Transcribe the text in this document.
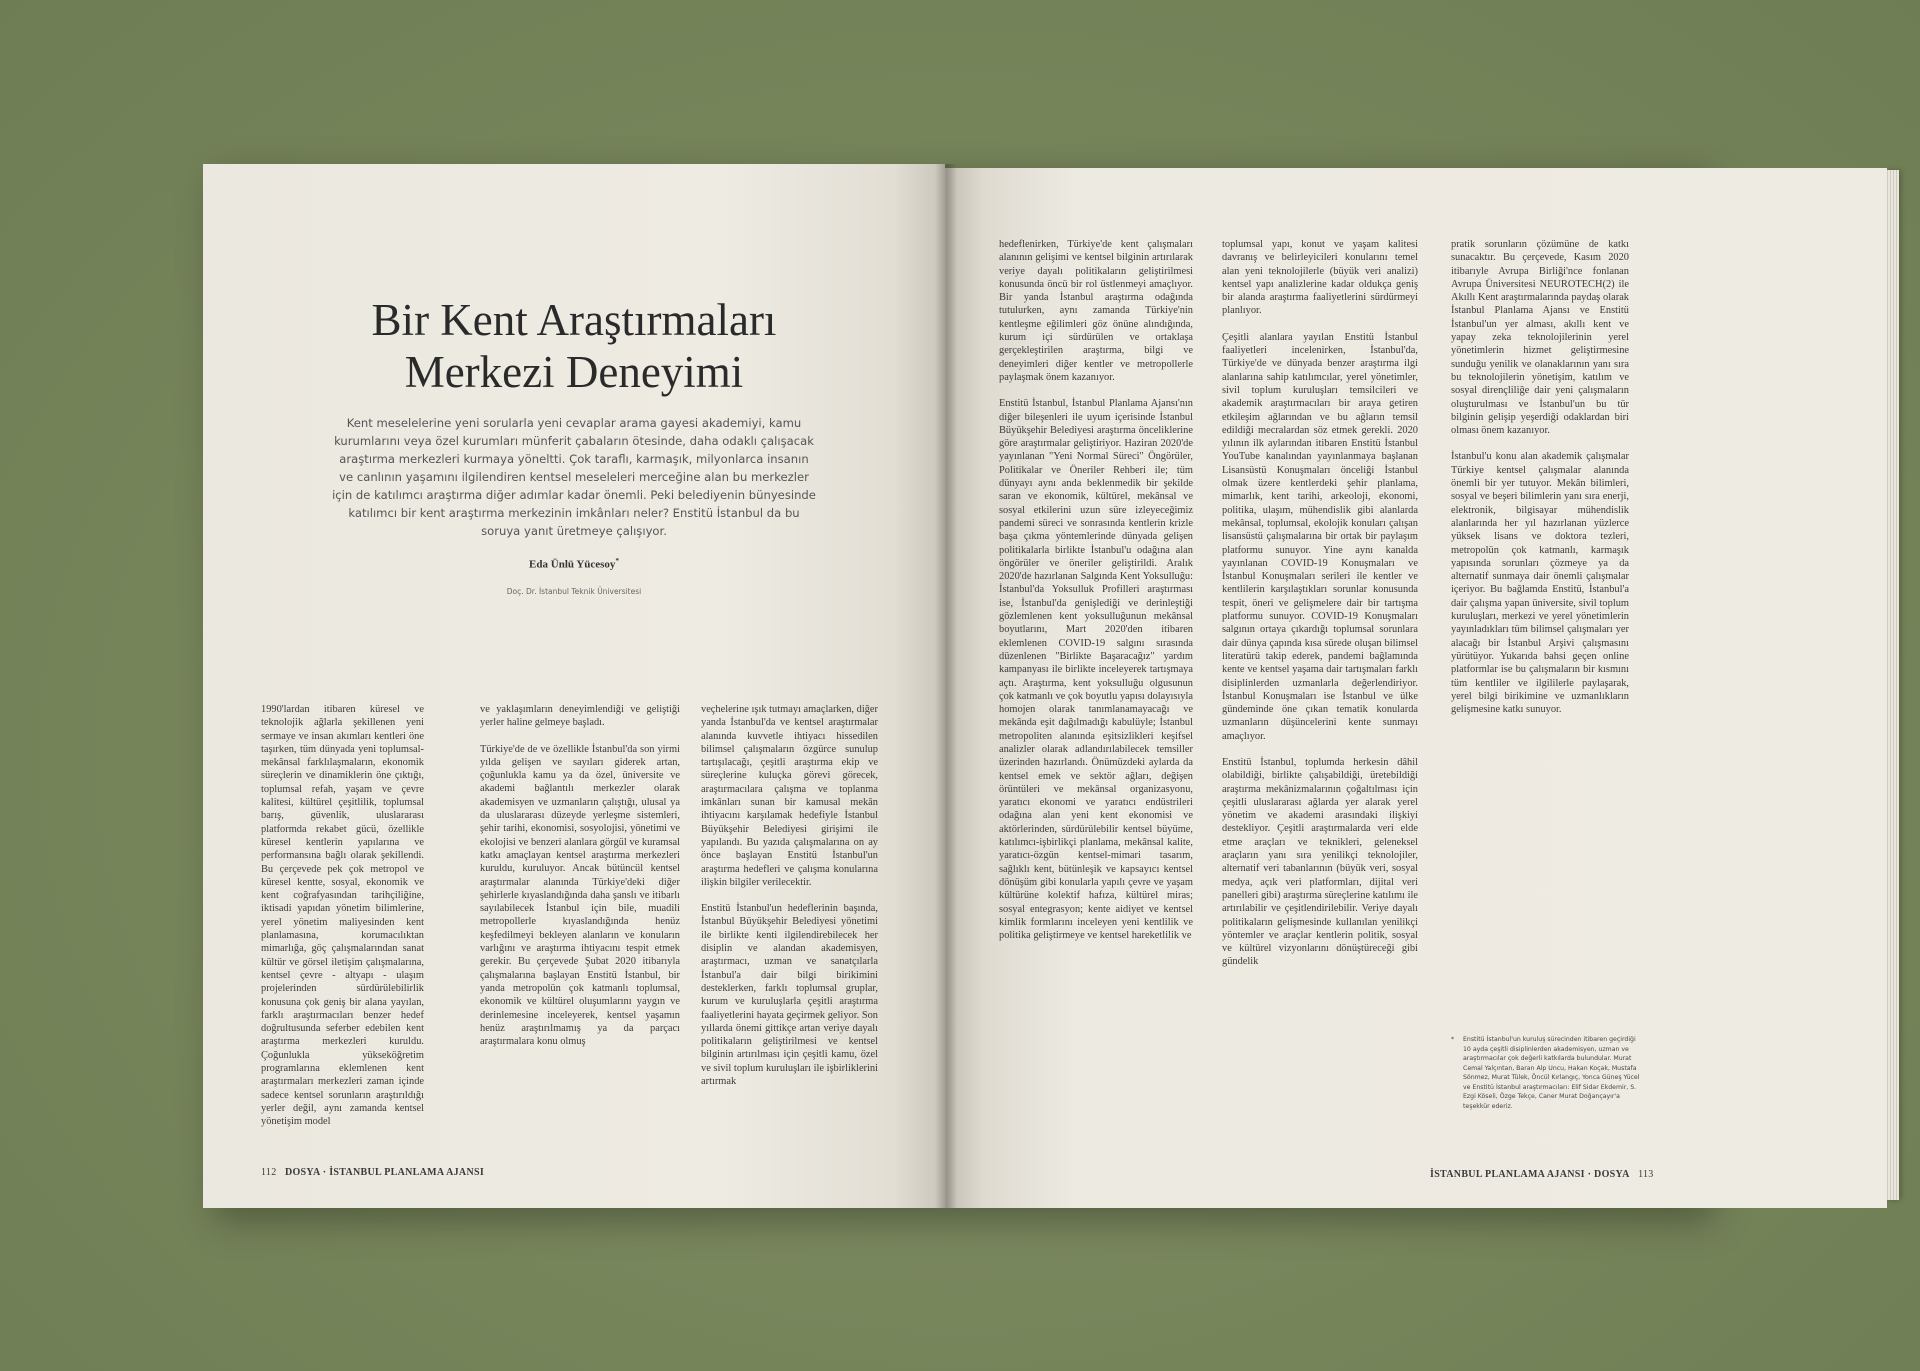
Bir Kent Araştırmaları
Merkezi Deneyimi

Kent meselelerine yeni sorularla yeni cevaplar arama gayesi akademiyi, kamu kurumlarını veya özel kurumları münferit çabaların ötesinde, daha odaklı çalışacak araştırma merkezleri kurmaya yöneltti. Çok taraflı, karmaşık, milyonlarca insanın ve canlının yaşamını ilgilendiren kentsel meseleleri merceğine alan bu merkezler için de katılımcı araştırma diğer adımlar kadar önemli. Peki belediyenin bünyesinde katılımcı bir kent araştırma merkezinin imkânları neler? Enstitü İstanbul da bu soruya yanıt üretmeye çalışıyor.

Eda Ünlü Yücesoy*
Doç. Dr. İstanbul Teknik Üniversitesi

1990'lardan itibaren küresel ve teknolojik ağlarla şekillenen yeni sermaye ve insan akımları kentleri öne taşırken, tüm dünyada yeni toplumsal-mekânsal farklılaşmaların, ekonomik süreçlerin ve dinamiklerin öne çıktığı, toplumsal refah, yaşam ve çevre kalitesi, kültürel çeşitlilik, toplumsal barış, güvenlik, uluslararası platformda rekabet gücü, özellikle küresel kentlerin yapılarına ve performansına bağlı olarak şekillendi. Bu çerçevede pek çok metropol ve küresel kentte, sosyal, ekonomik ve kent coğrafyasından tarihçiliğine, iktisadi yapıdan yönetim bilimlerine, yerel yönetim maliyesinden kent planlamasına, korumacılıktan mimarlığa, göç çalışmalarından sanat kültür ve görsel iletişim çalışmalarına, kentsel çevre - altyapı - ulaşım projelerinden sürdürülebilirlik konusuna çok geniş bir alana yayılan, farklı araştırmacıları benzer hedef doğrultusunda seferber edebilen kent araştırma merkezleri kuruldu. Çoğunlukla yükseköğretim programlarına eklemlenen kent araştırmaları merkezleri zaman içinde sadece kentsel sorunların araştırıldığı yerler değil, aynı zamanda kentsel yönetişim model

ve yaklaşımların deneyimlendiği ve geliştiği yerler haline gelmeye başladı.

Türkiye'de de ve özellikle İstanbul'da son yirmi yılda gelişen ve sayıları giderek artan, çoğunlukla kamu ya da özel, üniversite ve akademi bağlantılı merkezler olarak akademisyen ve uzmanların çalıştığı, ulusal ya da uluslararası düzeyde yerleşme sistemleri, şehir tarihi, ekonomisi, sosyolojisi, yönetimi ve ekolojisi ve benzeri alanlara görgül ve kuramsal katkı amaçlayan kentsel araştırma merkezleri kuruldu, kuruluyor. Ancak bütüncül kentsel araştırmalar alanında Türkiye'deki diğer şehirlerle kıyaslandığında daha şanslı ve itibarlı sayılabilecek İstanbul için bile, muadili metropollerle kıyaslandığında henüz keşfedilmeyi bekleyen alanların ve konuların varlığını ve araştırma ihtiyacını tespit etmek gerekir. Bu çerçevede Şubat 2020 itibarıyla çalışmalarına başlayan Enstitü İstanbul, bir yanda metropolün çok katmanlı toplumsal, ekonomik ve kültürel oluşumlarını yaygın ve derinlemesine inceleyerek, kentsel yaşamın henüz araştırılmamış ya da parçacı araştırmalara konu olmuş

veçhelerine ışık tutmayı amaçlarken, diğer yanda İstanbul'da ve kentsel araştırmalar alanında kuvvetle ihtiyacı hissedilen bilimsel çalışmaların özgürce sunulup tartışılacağı, çeşitli araştırma ekip ve süreçlerine kuluçka görevi görecek, araştırmacılara çalışma ve toplanma imkânları sunan bir kamusal mekân ihtiyacını karşılamak hedefiyle İstanbul Büyükşehir Belediyesi girişimi ile yapılandı. Bu yazıda çalışmalarına on ay önce başlayan Enstitü İstanbul'un araştırma hedefleri ve çalışma konularına ilişkin bilgiler verilecektir.

Enstitü İstanbul'un hedeflerinin başında, İstanbul Büyükşehir Belediyesi yönetimi ile birlikte kenti ilgilendirebilecek her disiplin ve alandan akademisyen, araştırmacı, uzman ve sanatçılarla İstanbul'a dair bilgi birikimini desteklerken, farklı toplumsal gruplar, kurum ve kuruluşlarla çeşitli araştırma faaliyetlerini hayata geçirmek geliyor. Son yıllarda önemi gittikçe artan veriye dayalı politikaların geliştirilmesi ve kentsel bilginin artırılması için çeşitli kamu, özel ve sivil toplum kuruluşları ile işbirliklerini artırmak

112 DOSYA · İSTANBUL PLANLAMA AJANSI

hedeflenirken, Türkiye'de kent çalışmaları alanının gelişimi ve kentsel bilginin artırılarak veriye dayalı politikaların geliştirilmesi konusunda öncü bir rol üstlenmeyi amaçlıyor. Bir yanda İstanbul araştırma odağında tutulurken, aynı zamanda Türkiye'nin kentleşme eğilimleri göz önüne alındığında, kurum içi sürdürülen ve ortaklaşa gerçekleştirilen araştırma, bilgi ve deneyimleri diğer kentler ve metropollerle paylaşmak önem kazanıyor.

Enstitü İstanbul, İstanbul Planlama Ajansı'nın diğer bileşenleri ile uyum içerisinde İstanbul Büyükşehir Belediyesi araştırma önceliklerine göre araştırmalar geliştiriyor. Haziran 2020'de yayınlanan "Yeni Normal Süreci" Öngörüler, Politikalar ve Öneriler Rehberi ile; tüm dünyayı aynı anda beklenmedik bir şekilde saran ve ekonomik, kültürel, mekânsal ve sosyal etkilerini uzun süre izleyeceğimiz pandemi süreci ve sonrasında kentlerin krizle başa çıkma yöntemlerinde dünyada gelişen politikalarla birlikte İstanbul'u odağına alan öngörüler ve öneriler geliştirildi. Aralık 2020'de hazırlanan Salgında Kent Yoksulluğu: İstanbul'da Yoksulluk Profilleri araştırması ise, İstanbul'da genişlediği ve derinleştiği gözlemlenen kent yoksulluğunun mekânsal boyutlarını, Mart 2020'den itibaren eklemlenen COVID-19 salgını sırasında düzenlenen "Birlikte Başaracağız" yardım kampanyası ile birlikte inceleyerek tartışmaya açtı. Araştırma, kent yoksulluğu olgusunun çok katmanlı ve çok boyutlu yapısı dolayısıyla homojen olarak tanımlanamayacağı ve mekânda eşit dağılmadığı kabulüyle; İstanbul metropoliten alanında eşitsizlikleri keşifsel analizler olarak adlandırılabilecek temsiller üzerinden hazırlandı. Önümüzdeki aylarda da kentsel emek ve sektör ağları, değişen örüntüleri ve mekânsal organizasyonu, yaratıcı ekonomi ve yaratıcı endüstrileri odağına alan yeni kent ekonomisi ve aktörlerinden, sürdürülebilir kentsel büyüme, katılımcı-işbirlikçi planlama, mekânsal kalite, yaratıcı-özgün kentsel-mimari tasarım, sağlıklı kent, bütünleşik ve kapsayıcı kentsel dönüşüm gibi konularla yapılı çevre ve yaşam kültürüne kolektif hafıza, kültürel miras; sosyal entegrasyon; kente aidiyet ve kentsel kimlik formlarını inceleyen yeni kentlilik ve politika geliştirmeye ve kentsel hareketlilik ve

toplumsal yapı, konut ve yaşam kalitesi davranış ve belirleyicileri konularını temel alan yeni teknolojilerle (büyük veri analizi) kentsel yapı analizlerine kadar oldukça geniş bir alanda araştırma faaliyetlerini sürdürmeyi planlıyor.

Çeşitli alanlara yayılan Enstitü İstanbul faaliyetleri incelenirken, İstanbul'da, Türkiye'de ve dünyada benzer araştırma ilgi alanlarına sahip katılımcılar, yerel yönetimler, sivil toplum kuruluşları temsilcileri ve akademik araştırmacıları bir araya getiren etkileşim ağlarından ve bu ağların temsil edildiği mecralardan söz etmek gerekli. 2020 yılının ilk aylarından itibaren Enstitü İstanbul YouTube kanalından yayınlanmaya başlanan Lisansüstü Konuşmaları önceliği İstanbul olmak üzere kentlerdeki şehir planlama, mimarlık, kent tarihi, arkeoloji, ekonomi, politika, ulaşım, mühendislik gibi alanlarda mekânsal, toplumsal, ekolojik konuları çalışan lisansüstü çalışmalarına bir ortak bir paylaşım platformu sunuyor. Yine aynı kanalda yayınlanan COVID-19 Konuşmaları ve İstanbul Konuşmaları serileri ile kentler ve kentlilerin karşılaştıkları sorunlar konusunda tespit, öneri ve gelişmelere dair bir tartışma platformu sunuyor. COVID-19 Konuşmaları salgının ortaya çıkardığı toplumsal sorunlara dair dünya çapında kısa sürede oluşan bilimsel literatürü takip ederek, pandemi bağlamında kente ve kentsel yaşama dair tartışmaları farklı disiplinlerden uzmanlarla değerlendiriyor. İstanbul Konuşmaları ise İstanbul ve ülke gündeminde öne çıkan tematik konularda uzmanların düşüncelerini kente sunmayı amaçlıyor.

Enstitü İstanbul, toplumda herkesin dâhil olabildiği, birlikte çalışabildiği, üretebildiği araştırma mekânizmalarının çoğaltılması için çeşitli uluslararası ağlarda yer alarak yerel yönetim ve akademi arasındaki ilişkiyi destekliyor. Çeşitli araştırmalarda veri elde etme araçları ve teknikleri, geleneksel araçların yanı sıra yenilikçi teknolojiler, alternatif veri tabanlarının (büyük veri, sosyal medya, açık veri platformları, dijital veri panelleri gibi) araştırma süreçlerine katılımı ile artırılabilir ve çeşitlendirilebilir. Veriye dayalı politikaların gelişmesinde kullanılan yenilikçi yöntemler ve araçlar kentlerin politik, sosyal ve kültürel vizyonlarını dönüştüreceği gibi gündelik

pratik sorunların çözümüne de katkı sunacaktır. Bu çerçevede, Kasım 2020 itibarıyle Avrupa Birliği'nce fonlanan Avrupa Üniversitesi NEUROTECH(2) ile Akıllı Kent araştırmalarında paydaş olarak İstanbul Planlama Ajansı ve Enstitü İstanbul'un yer alması, akıllı kent ve yapay zeka teknolojilerinin yerel yönetimlerin hizmet geliştirmesine sunduğu yenilik ve olanaklarının yanı sıra bu teknolojilerin yönetişim, katılım ve sosyal dirençliliğe dair yeni çalışmaların oluşturulması ve İstanbul'un bu tür bilginin gelişip yeşerdiği odaklardan biri olması önem kazanıyor.

İstanbul'u konu alan akademik çalışmalar Türkiye kentsel çalışmalar alanında önemli bir yer tutuyor. Mekân bilimleri, sosyal ve beşeri bilimlerin yanı sıra enerji, elektronik, bilgisayar mühendislik alanlarında her yıl hazırlanan yüzlerce yüksek lisans ve doktora tezleri, metropolün çok katmanlı, karmaşık yapısında sorunları çözmeye ya da alternatif sunmaya dair önemli çalışmalar içeriyor. Bu bağlamda Enstitü, İstanbul'a dair çalışma yapan üniversite, sivil toplum kuruluşları, merkezi ve yerel yönetimlerin yayınladıkları tüm bilimsel çalışmaları yer alacağı bir İstanbul Arşivi çalışmasını yürütüyor. Yukarıda bahsi geçen online platformlar ise bu çalışmaların bir kısmını tüm kentliler ve ilgililerle paylaşarak, yerel bilgi birikimine ve uzmanlıkların gelişmesine katkı sunuyor.

* Enstitü İstanbul'un kuruluş sürecinden itibaren geçirdiği 10 ayda çeşitli disiplinlerden akademisyen, uzman ve araştırmacılar çok değerli katkılarda bulundular. Murat Cemal Yalçıntan, Baran Alp Uncu, Hakan Koçak, Mustafa Sönmez, Murat Tülek, Öncül Kırlangıç, Yonca Güneş Yücel ve Enstitü İstanbul araştırmacıları: Elif Sidar Ekdemir, S. Ezgi Köseli, Özge Tekçe, Caner Murat Doğançayır'a teşekkür ederiz.
İSTANBUL PLANLAMA AJANSI · DOSYA 113
